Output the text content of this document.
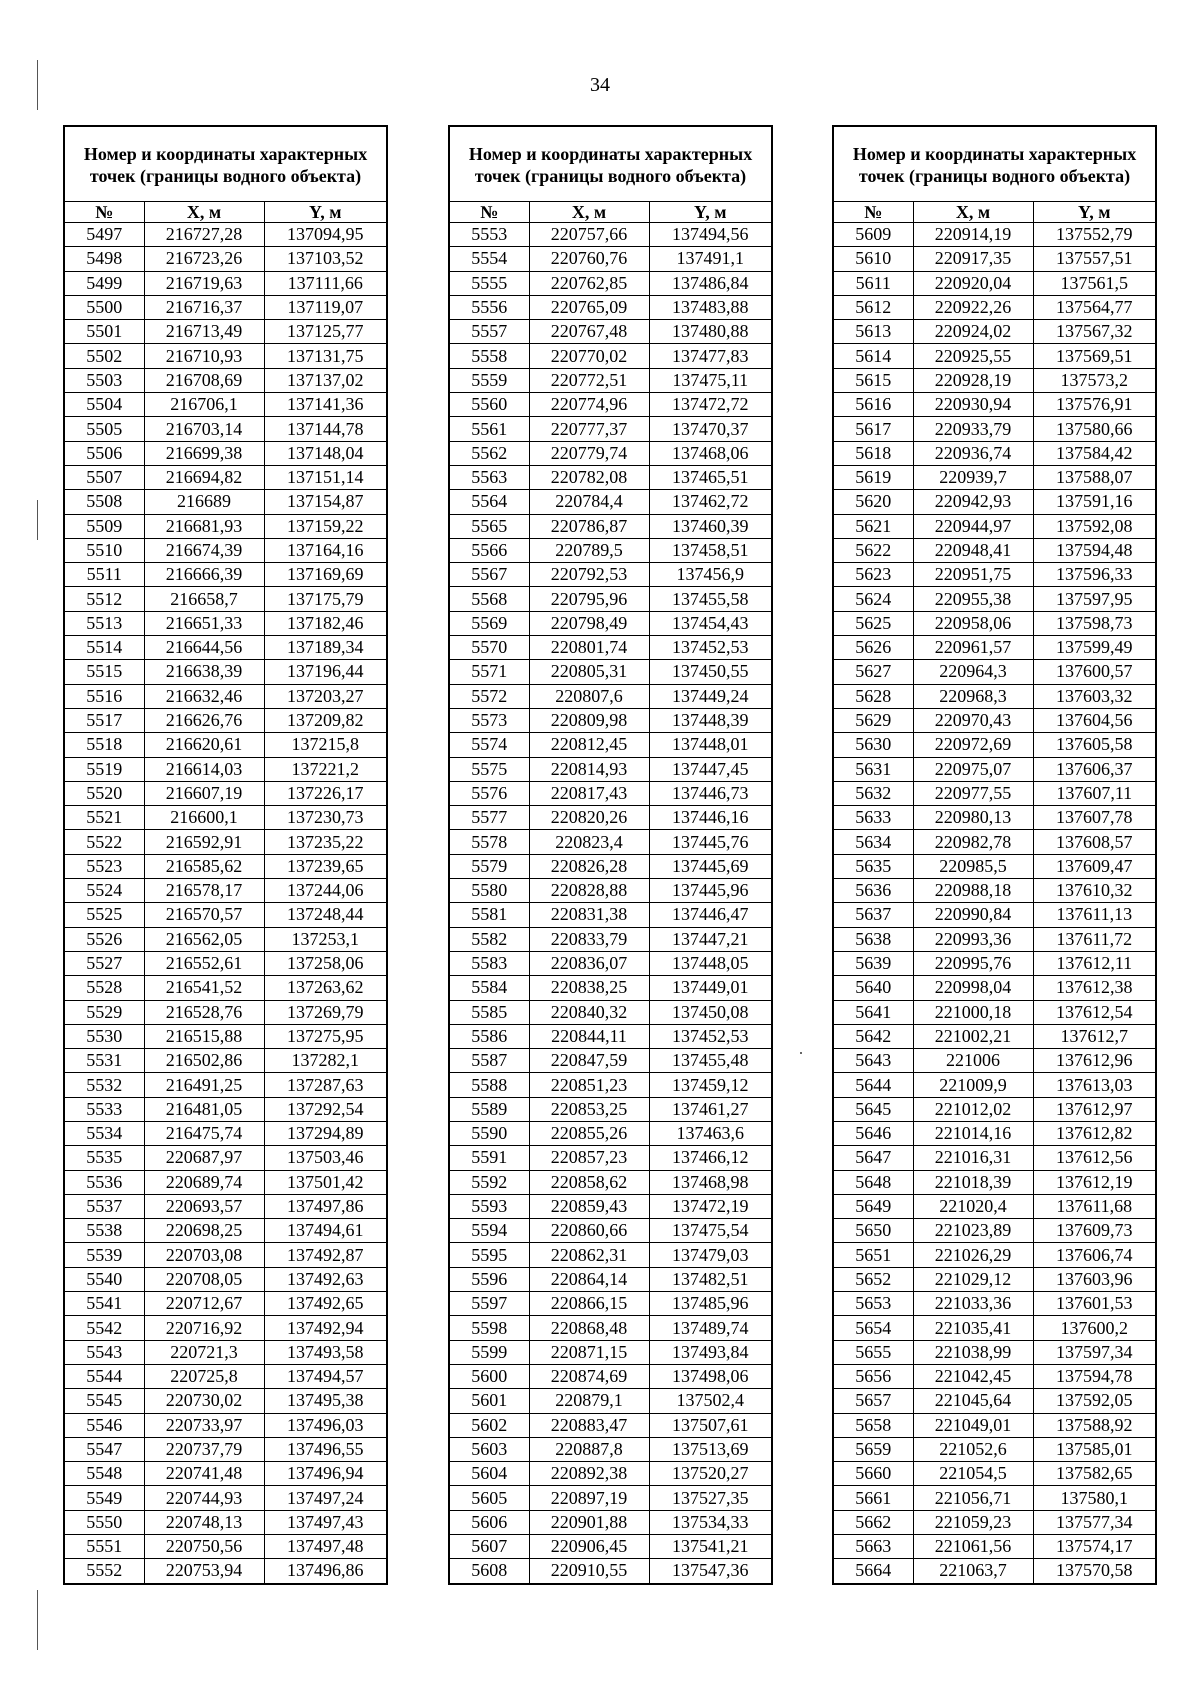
34
Номер и координаты характерных точек (границы водного объекта)		
№	X, м	Y, м
5497	216727,28	137094,95
5498	216723,26	137103,52
5499	216719,63	137111,66
5500	216716,37	137119,07
5501	216713,49	137125,77
5502	216710,93	137131,75
5503	216708,69	137137,02
5504	216706,1	137141,36
5505	216703,14	137144,78
5506	216699,38	137148,04
5507	216694,82	137151,14
5508	216689	137154,87
5509	216681,93	137159,22
5510	216674,39	137164,16
5511	216666,39	137169,69
5512	216658,7	137175,79
5513	216651,33	137182,46
5514	216644,56	137189,34
5515	216638,39	137196,44
5516	216632,46	137203,27
5517	216626,76	137209,82
5518	216620,61	137215,8
5519	216614,03	137221,2
5520	216607,19	137226,17
5521	216600,1	137230,73
5522	216592,91	137235,22
5523	216585,62	137239,65
5524	216578,17	137244,06
5525	216570,57	137248,44
5526	216562,05	137253,1
5527	216552,61	137258,06
5528	216541,52	137263,62
5529	216528,76	137269,79
5530	216515,88	137275,95
5531	216502,86	137282,1
5532	216491,25	137287,63
5533	216481,05	137292,54
5534	216475,74	137294,89
5535	220687,97	137503,46
5536	220689,74	137501,42
5537	220693,57	137497,86
5538	220698,25	137494,61
5539	220703,08	137492,87
5540	220708,05	137492,63
5541	220712,67	137492,65
5542	220716,92	137492,94
5543	220721,3	137493,58
5544	220725,8	137494,57
5545	220730,02	137495,38
5546	220733,97	137496,03
5547	220737,79	137496,55
5548	220741,48	137496,94
5549	220744,93	137497,24
5550	220748,13	137497,43
5551	220750,56	137497,48
5552	220753,94	137496,86
Номер и координаты характерных точек (границы водного объекта)		
№	X, м	Y, м
5553	220757,66	137494,56
5554	220760,76	137491,1
5555	220762,85	137486,84
5556	220765,09	137483,88
5557	220767,48	137480,88
5558	220770,02	137477,83
5559	220772,51	137475,11
5560	220774,96	137472,72
5561	220777,37	137470,37
5562	220779,74	137468,06
5563	220782,08	137465,51
5564	220784,4	137462,72
5565	220786,87	137460,39
5566	220789,5	137458,51
5567	220792,53	137456,9
5568	220795,96	137455,58
5569	220798,49	137454,43
5570	220801,74	137452,53
5571	220805,31	137450,55
5572	220807,6	137449,24
5573	220809,98	137448,39
5574	220812,45	137448,01
5575	220814,93	137447,45
5576	220817,43	137446,73
5577	220820,26	137446,16
5578	220823,4	137445,76
5579	220826,28	137445,69
5580	220828,88	137445,96
5581	220831,38	137446,47
5582	220833,79	137447,21
5583	220836,07	137448,05
5584	220838,25	137449,01
5585	220840,32	137450,08
5586	220844,11	137452,53
5587	220847,59	137455,48
5588	220851,23	137459,12
5589	220853,25	137461,27
5590	220855,26	137463,6
5591	220857,23	137466,12
5592	220858,62	137468,98
5593	220859,43	137472,19
5594	220860,66	137475,54
5595	220862,31	137479,03
5596	220864,14	137482,51
5597	220866,15	137485,96
5598	220868,48	137489,74
5599	220871,15	137493,84
5600	220874,69	137498,06
5601	220879,1	137502,4
5602	220883,47	137507,61
5603	220887,8	137513,69
5604	220892,38	137520,27
5605	220897,19	137527,35
5606	220901,88	137534,33
5607	220906,45	137541,21
5608	220910,55	137547,36
Номер и координаты характерных точек (границы водного объекта)		
№	X, м	Y, м
5609	220914,19	137552,79
5610	220917,35	137557,51
5611	220920,04	137561,5
5612	220922,26	137564,77
5613	220924,02	137567,32
5614	220925,55	137569,51
5615	220928,19	137573,2
5616	220930,94	137576,91
5617	220933,79	137580,66
5618	220936,74	137584,42
5619	220939,7	137588,07
5620	220942,93	137591,16
5621	220944,97	137592,08
5622	220948,41	137594,48
5623	220951,75	137596,33
5624	220955,38	137597,95
5625	220958,06	137598,73
5626	220961,57	137599,49
5627	220964,3	137600,57
5628	220968,3	137603,32
5629	220970,43	137604,56
5630	220972,69	137605,58
5631	220975,07	137606,37
5632	220977,55	137607,11
5633	220980,13	137607,78
5634	220982,78	137608,57
5635	220985,5	137609,47
5636	220988,18	137610,32
5637	220990,84	137611,13
5638	220993,36	137611,72
5639	220995,76	137612,11
5640	220998,04	137612,38
5641	221000,18	137612,54
5642	221002,21	137612,7
5643	221006	137612,96
5644	221009,9	137613,03
5645	221012,02	137612,97
5646	221014,16	137612,82
5647	221016,31	137612,56
5648	221018,39	137612,19
5649	221020,4	137611,68
5650	221023,89	137609,73
5651	221026,29	137606,74
5652	221029,12	137603,96
5653	221033,36	137601,53
5654	221035,41	137600,2
5655	221038,99	137597,34
5656	221042,45	137594,78
5657	221045,64	137592,05
5658	221049,01	137588,92
5659	221052,6	137585,01
5660	221054,5	137582,65
5661	221056,71	137580,1
5662	221059,23	137577,34
5663	221061,56	137574,17
5664	221063,7	137570,58
